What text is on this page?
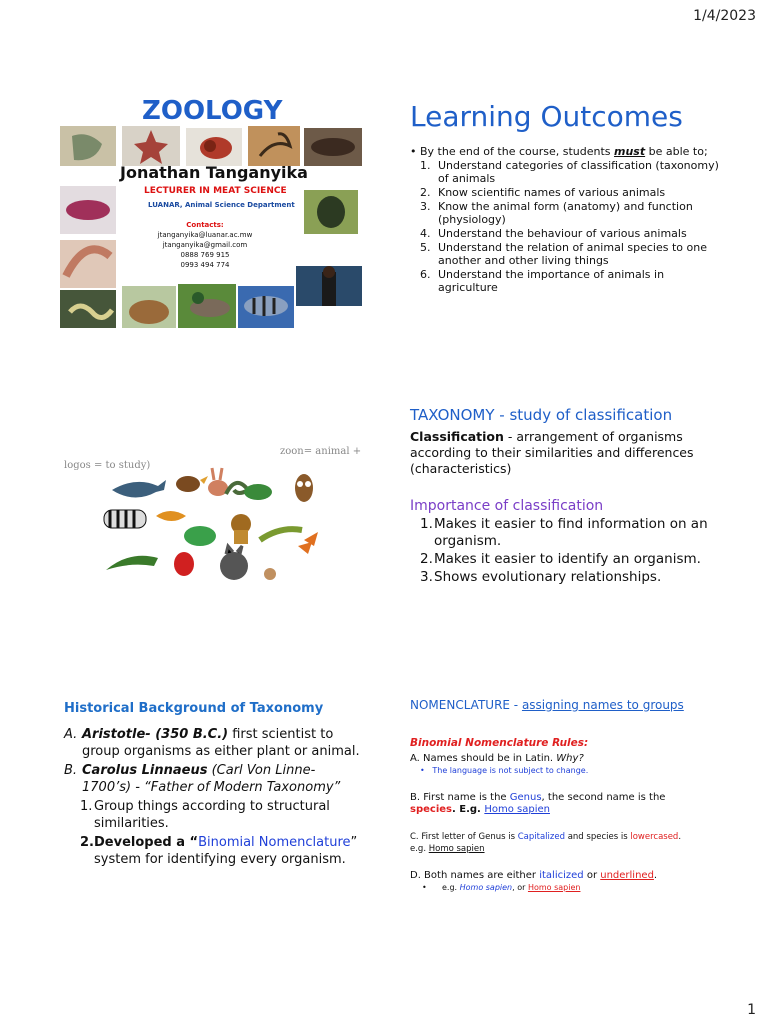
1/4/2023
ZOOLOGY
Jonathan Tanganyika
LECTURER IN MEAT SCIENCE
LUANAR, Animal Science Department
Contacts:
jtanganyika@luanar.ac.mw
jtanganyika@gmail.com
0888 769 915
0993 494 774
Learning Outcomes
• By the end of the course, students must be able to;
1. Understand categories of classification (taxonomy) of animals
2. Know scientific names of various animals
3. Know the animal form (anatomy) and function (physiology)
4. Understand the behaviour of various animals
5. Understand the relation of animal species to one another and other living things
6. Understand the importance of animals in agriculture
zoon= animal +
logos = to study)
TAXONOMY - study of classification
Classification - arrangement of organisms according to their similarities and differences (characteristics)
Importance of classification
1. Makes it easier to find information on an organism.
2. Makes it easier to identify an organism.
3. Shows evolutionary relationships.
Historical Background of Taxonomy
A. Aristotle- (350 B.C.) first scientist to group organisms as either plant or animal.
B. Carolus Linnaeus (Carl Von Linne-1700’s) - “Father of Modern Taxonomy”
1. Group things according to structural similarities.
2. Developed a “Binomial Nomenclature” system for identifying every organism.
NOMENCLATURE - assigning names to groups
Binomial Nomenclature Rules:
A. Names should be in Latin. Why?
•   The language is not subject to change.
B. First name is the Genus, the second name is the
species. E.g. Homo sapien
C. First letter of Genus is Capitalized and species is lowercased.
e.g. Homo sapien
D. Both names are either italicized or underlined.
•      e.g. Homo sapien, or Homo sapien
1
